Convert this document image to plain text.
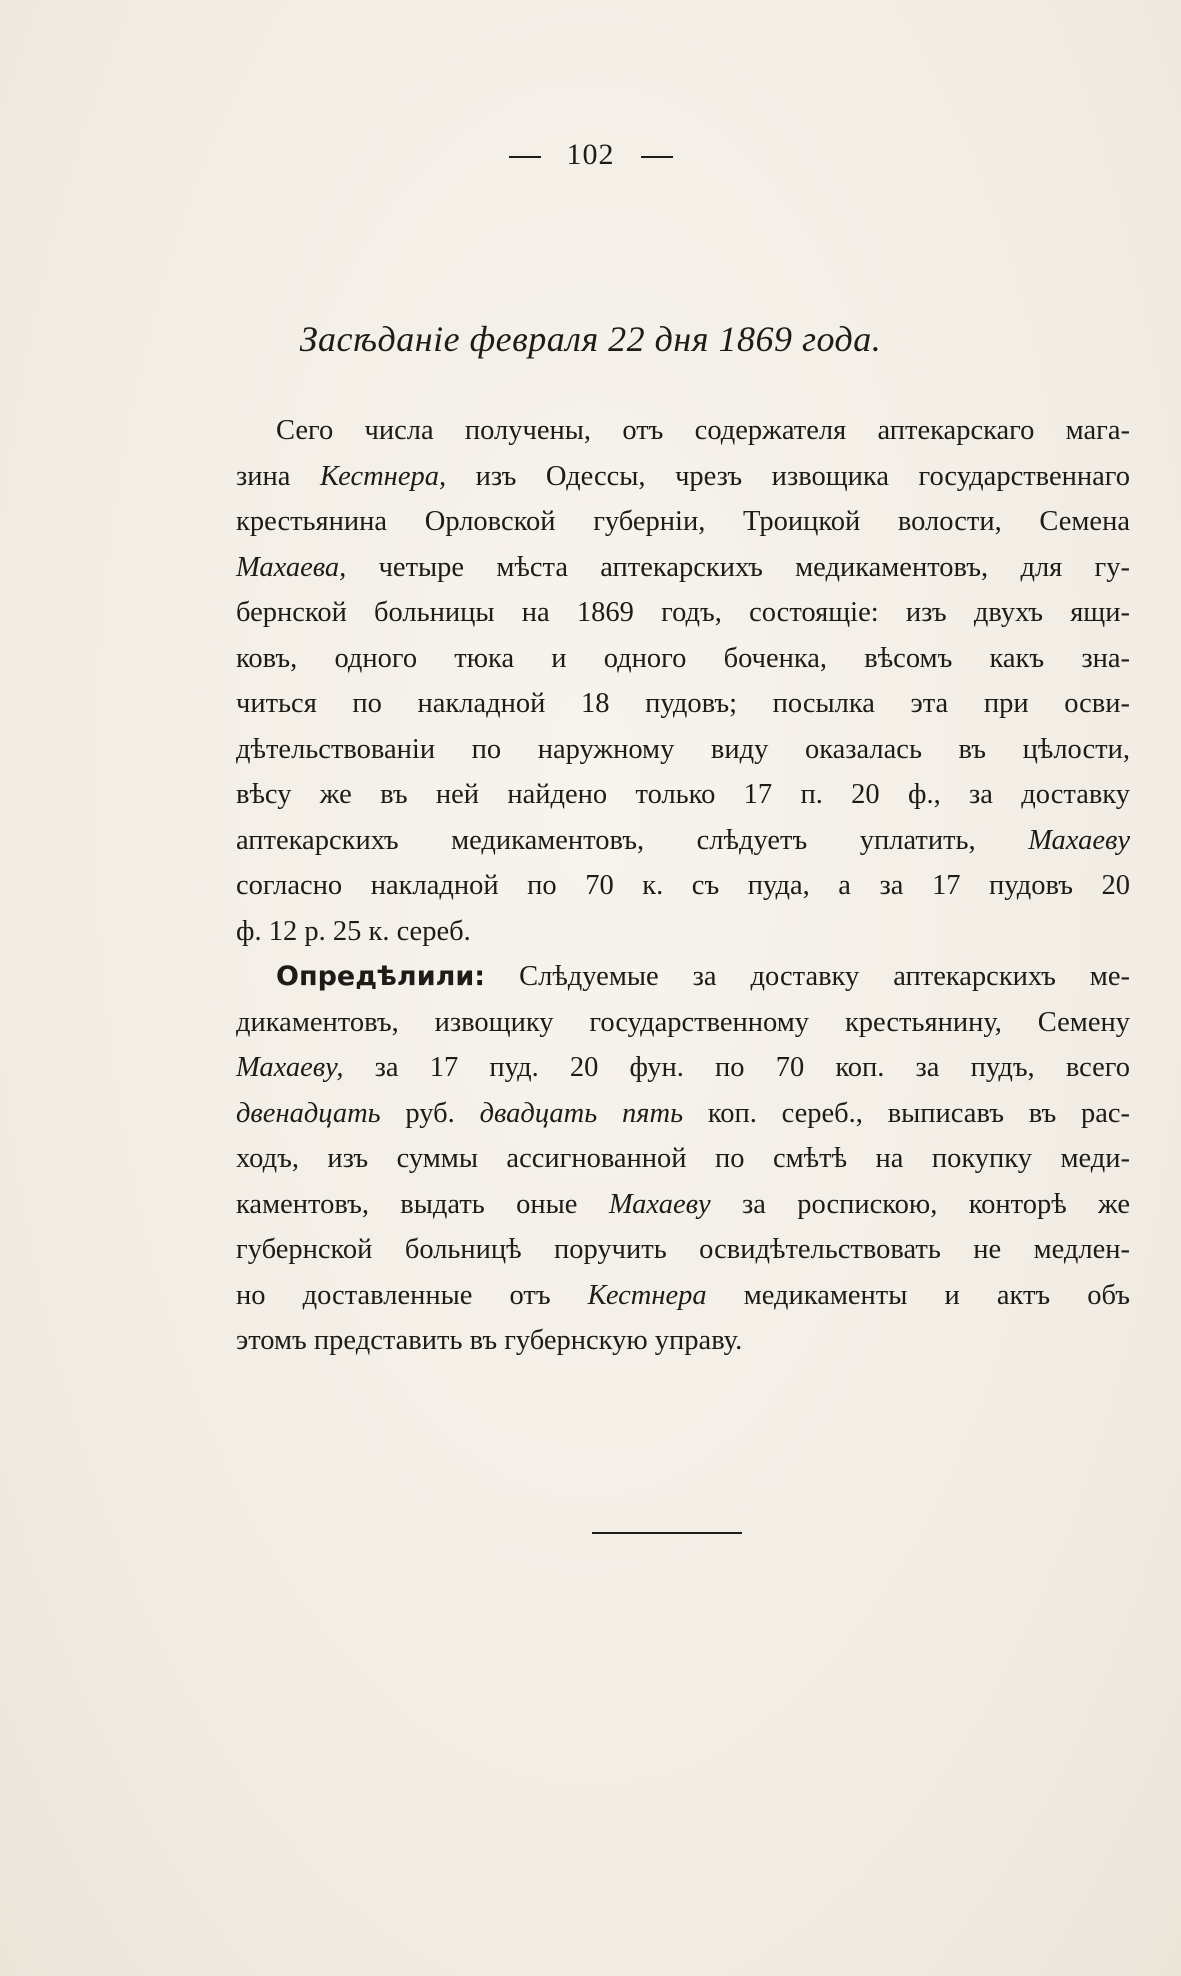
102
Засѣданіе февраля 22 дня 1869 года.
Сего числа получены, отъ содержателя аптекарскаго мага-
зина Кестнера, изъ Одессы, чрезъ извощика государственнаго
крестьянина Орловской губерніи, Троицкой волости, Семена
Махаева, четыре мѣста аптекарскихъ медикаментовъ, для гу-
бернской больницы на 1869 годъ, состоящіе: изъ двухъ ящи-
ковъ, одного тюка и одного боченка, вѣсомъ какъ зна-
читься по накладной 18 пудовъ; посылка эта при осви-
дѣтельствованіи по наружному виду оказалась въ цѣлости,
вѣсу же въ ней найдено только 17 п. 20 ф., за доставку
аптекарскихъ медикаментовъ, слѣдуетъ уплатить, Махаеву
согласно накладной по 70 к. съ пуда, а за 17 пудовъ 20
ф. 12 р. 25 к. сереб.
Опредѣлили: Слѣдуемые за доставку аптекарскихъ ме-
дикаментовъ, извощику государственному крестьянину, Семену
Махаеву, за 17 пуд. 20 фун. по 70 коп. за пудъ, всего
двенадцать руб. двадцать пять коп. сереб., выписавъ въ рас-
ходъ, изъ суммы ассигнованной по смѣтѣ на покупку меди-
каментовъ, выдать оные Махаеву за роспискою, конторѣ же
губернской больницѣ поручить освидѣтельствовать не медлен-
но доставленные отъ Кестнера медикаменты и актъ объ
этомъ представить въ губернскую управу.
